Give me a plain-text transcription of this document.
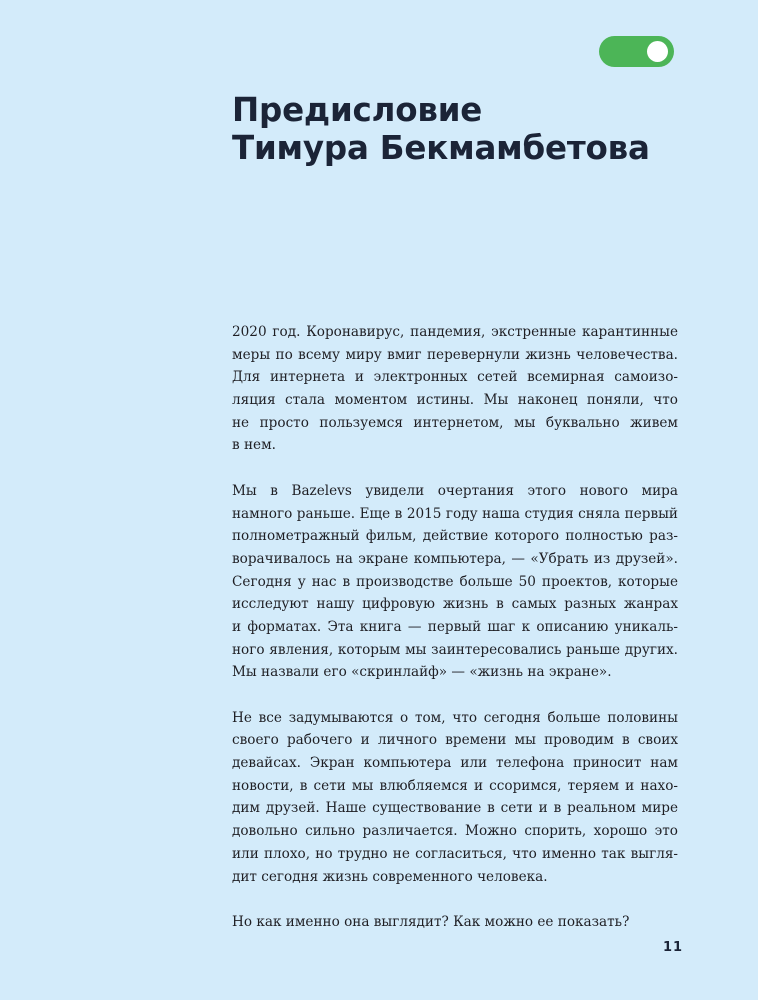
Предисловие
Тимура Бекмамбетова
2020 год. Коронавирус, пандемия, экстренные карантинные
меры по всему миру вмиг перевернули жизнь человечества.
Для интернета и электронных сетей всемирная самоизо-
ляция стала моментом истины. Мы наконец поняли, что
не просто пользуемся интернетом, мы буквально живем
в нем.
Мы в Bazelevs увидели очертания этого нового мира
намного раньше. Еще в 2015 году наша студия сняла первый
полнометражный фильм, действие которого полностью раз-
ворачивалось на экране компьютера, — «Убрать из друзей».
Сегодня у нас в производстве больше 50 проектов, которые
исследуют нашу цифровую жизнь в самых разных жанрах
и форматах. Эта книга — первый шаг к описанию уникаль-
ного явления, которым мы заинтересовались раньше других.
Мы назвали его «скринлайф» — «жизнь на экране».
Не все задумываются о том, что сегодня больше половины
своего рабочего и личного времени мы проводим в своих
девайсах. Экран компьютера или телефона приносит нам
новости, в сети мы влюбляемся и ссоримся, теряем и нахо-
дим друзей. Наше существование в сети и в реальном мире
довольно сильно различается. Можно спорить, хорошо это
или плохо, но трудно не согласиться, что именно так выгля-
дит сегодня жизнь современного человека.
Но как именно она выглядит? Как можно ее показать?
11
